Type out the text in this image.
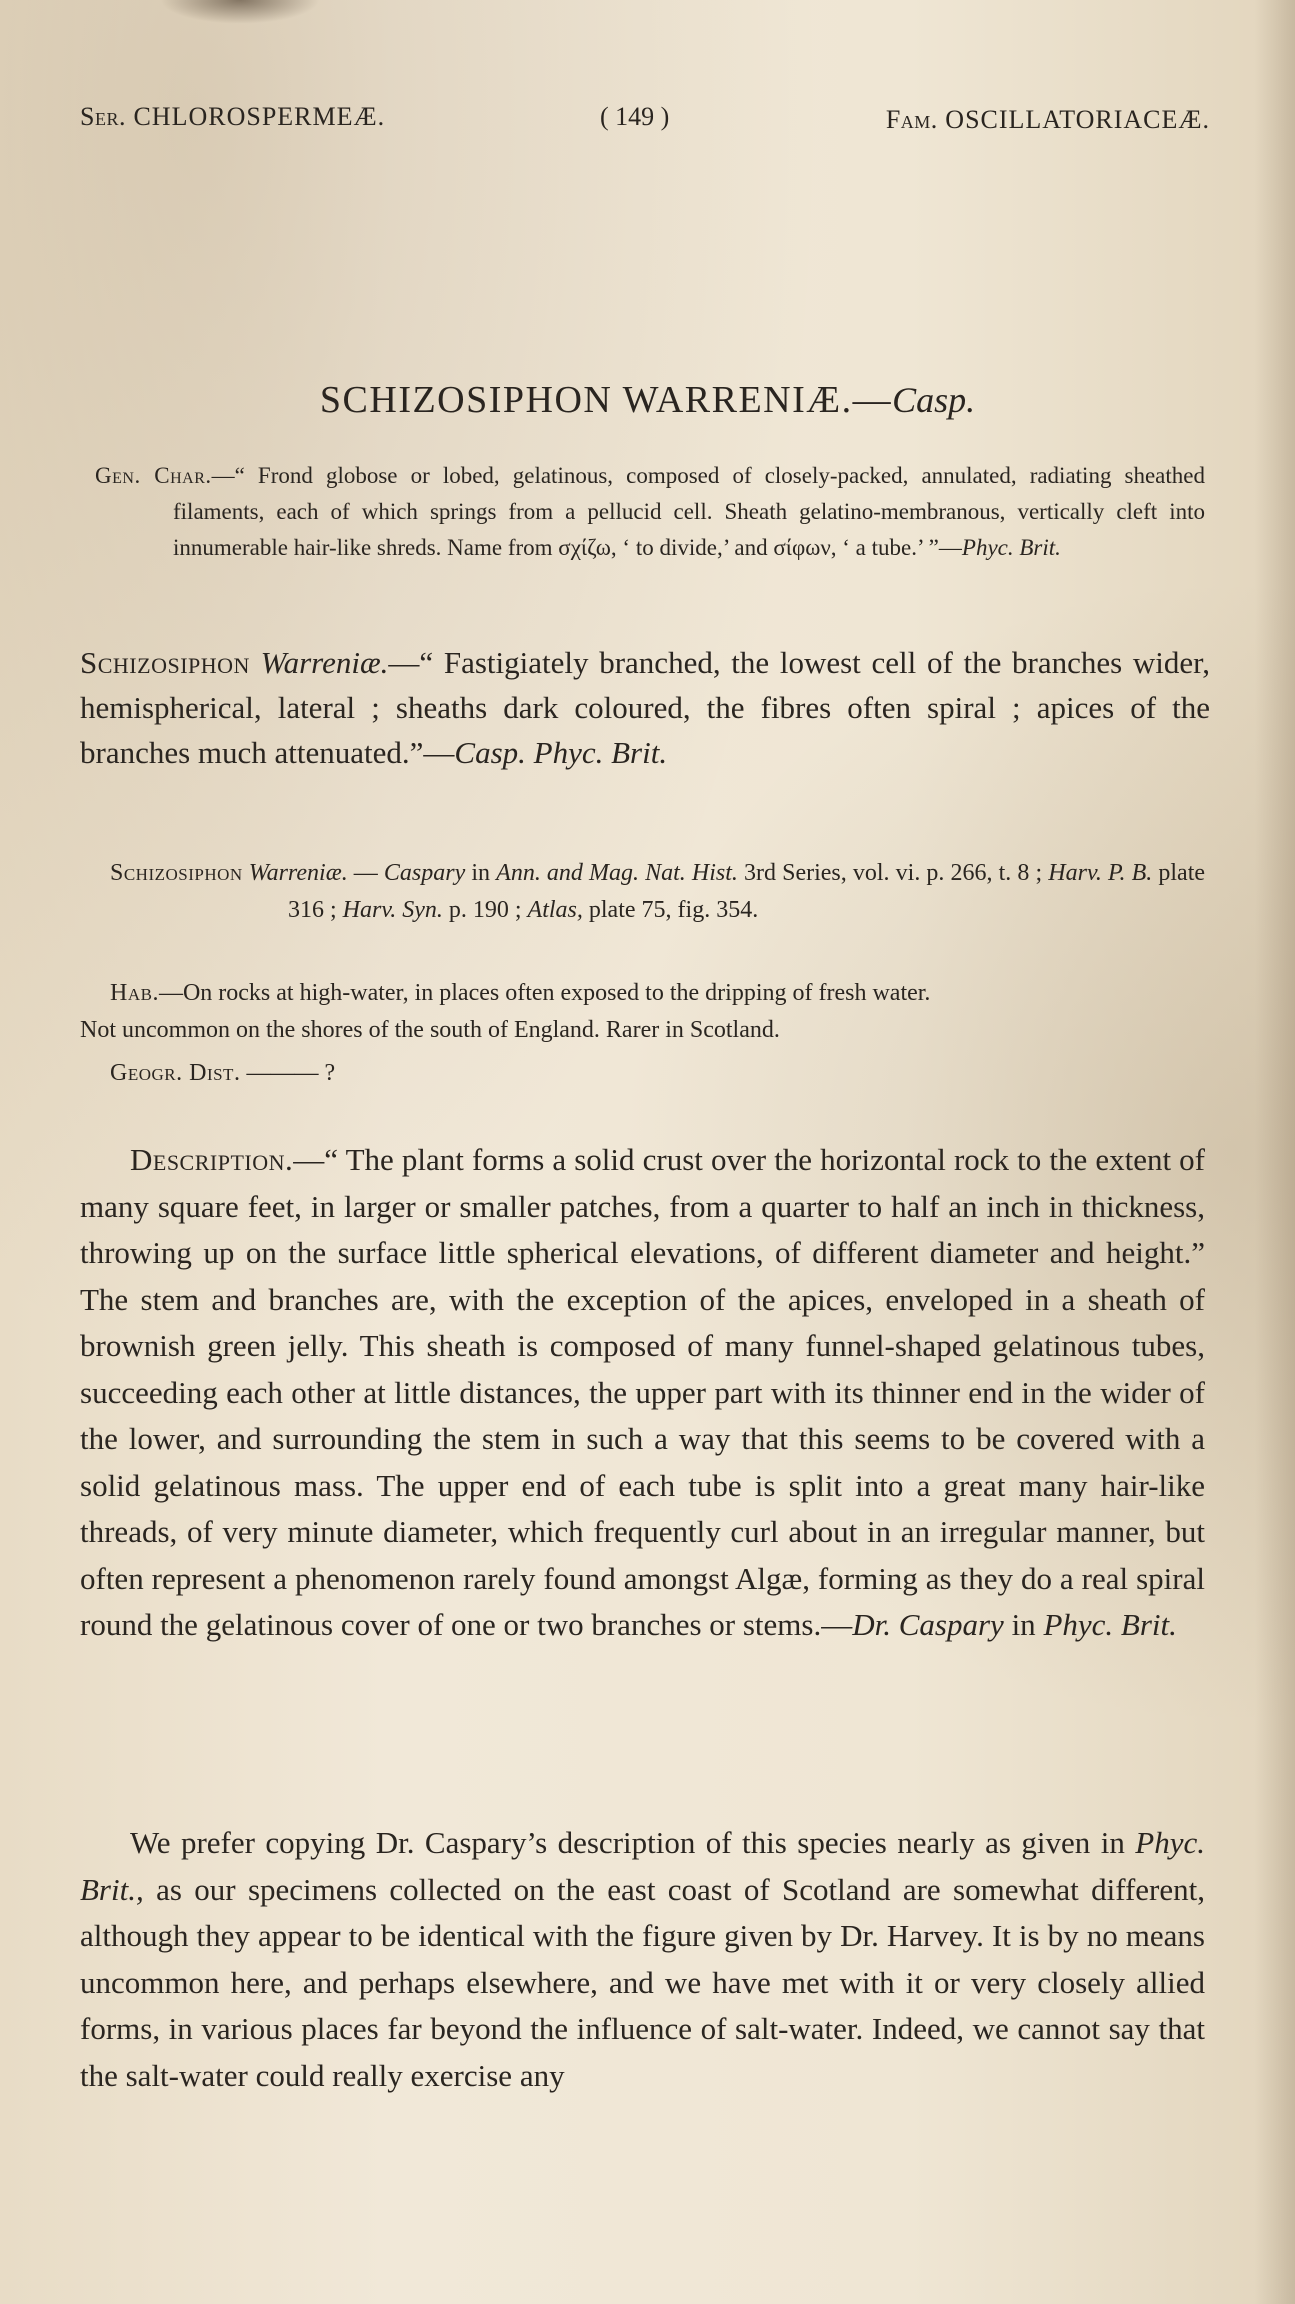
Ser. CHLOROSPERMEÆ.	( 149 )	Fam. OSCILLATORIACEÆ.
SCHIZOSIPHON WARRENIÆ.—Casp.
Gen. Char.—“ Frond globose or lobed, gelatinous, composed of closely-packed, annulated, radiating sheathed filaments, each of which springs from a pellucid cell. Sheath gelatino-membranous, vertically cleft into innumerable hair-like shreds. Name from σχίζω, ‘ to divide,’ and σίφων, ‘ a tube.’ ”—Phyc. Brit.
Schizosiphon Warreniæ.—“ Fastigiately branched, the lowest cell of the branches wider, hemispherical, lateral ; sheaths dark coloured, the fibres often spiral ; apices of the branches much attenuated.”—Casp. Phyc. Brit.
Schizosiphon Warreniæ. — Caspary in Ann. and Mag. Nat. Hist. 3rd Series, vol. vi. p. 266, t. 8 ; Harv. P. B. plate 316 ; Harv. Syn. p. 190 ; Atlas, plate 75, fig. 354.
Hab.—On rocks at high-water, in places often exposed to the dripping of fresh water.
Not uncommon on the shores of the south of England. Rarer in Scotland.
Geogr. Dist. ——— ?

Description.—“ The plant forms a solid crust over the horizontal rock to the extent of many square feet, in larger or smaller patches, from a quarter to half an inch in thickness, throwing up on the surface little spherical elevations, of different diameter and height.” The stem and branches are, with the exception of the apices, enveloped in a sheath of brownish green jelly. This sheath is composed of many funnel-shaped gelatinous tubes, succeeding each other at little distances, the upper part with its thinner end in the wider of the lower, and surrounding the stem in such a way that this seems to be covered with a solid gelatinous mass. The upper end of each tube is split into a great many hair-like threads, of very minute diameter, which frequently curl about in an irregular manner, but often represent a phenomenon rarely found amongst Algæ, forming as they do a real spiral round the gelatinous cover of one or two branches or stems.—Dr. Caspary in Phyc. Brit.

We prefer copying Dr. Caspary’s description of this species nearly as given in Phyc. Brit., as our specimens collected on the east coast of Scotland are somewhat different, although they appear to be identical with the figure given by Dr. Harvey. It is by no means uncommon here, and perhaps elsewhere, and we have met with it or very closely allied forms, in various places far beyond the influence of salt-water. Indeed, we cannot say that the salt-water could really exercise any
